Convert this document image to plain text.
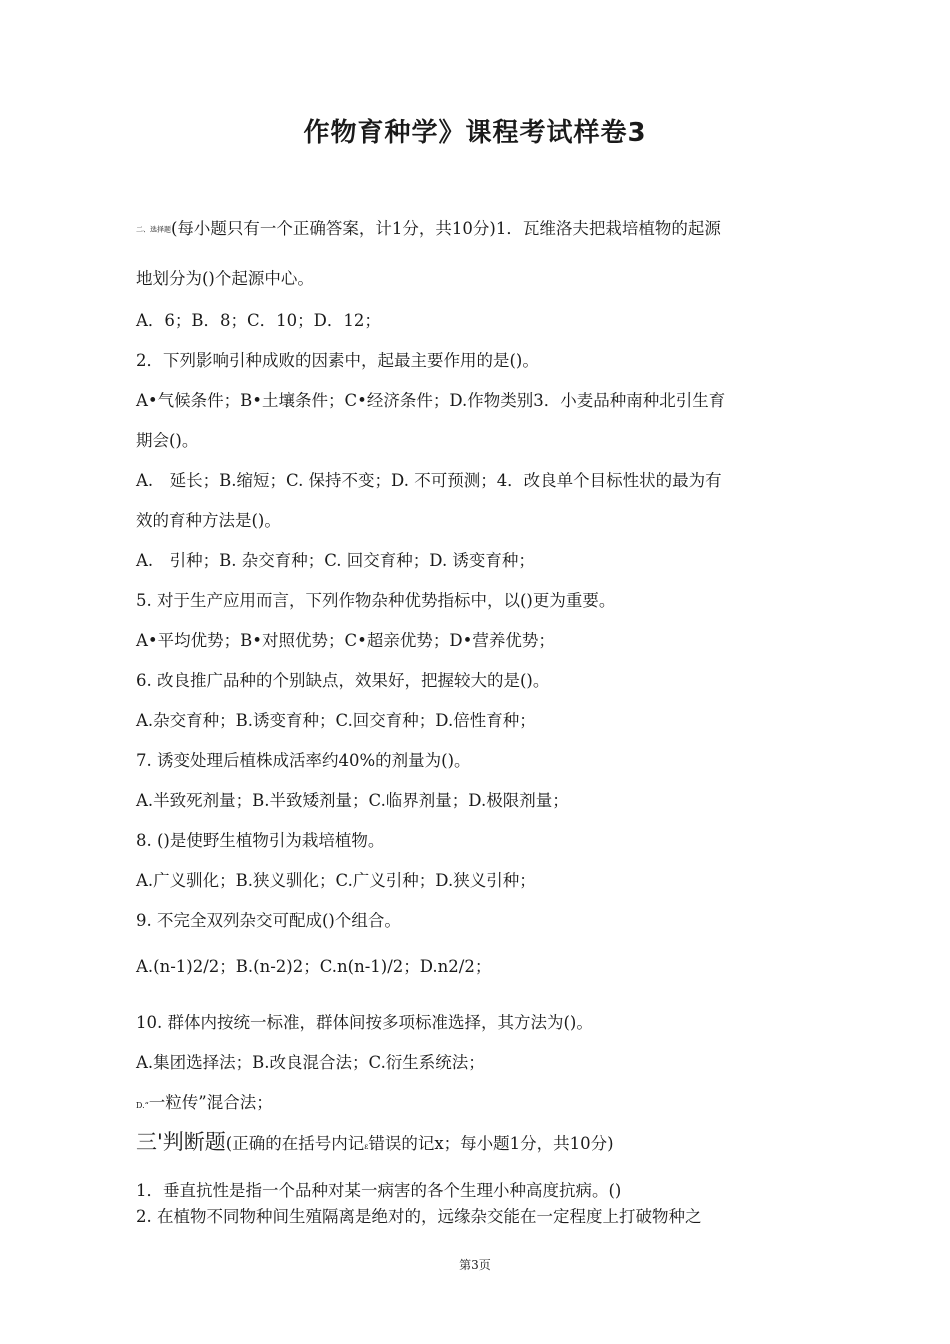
作物育种学》课程考试样卷3
二、选择题(每小题只有一个正确答案，计1分，共10分)1．瓦维洛夫把栽培植物的起源
地划分为()个起源中心。
A．6；B．8；C．10；D．12；
2．下列影响引种成败的因素中，起最主要作用的是()。
A•气候条件；B•土壤条件；C•经济条件；D.作物类别3．小麦品种南种北引生育
期会()。
A.　延长；B.缩短；C. 保持不变；D. 不可预测；4．改良单个目标性状的最为有
效的育种方法是()。
A.　引种；B. 杂交育种；C. 回交育种；D. 诱变育种；
5. 对于生产应用而言，下列作物杂种优势指标中，以()更为重要。
A•平均优势；B•对照优势；C•超亲优势；D•营养优势；
6. 改良推广品种的个别缺点，效果好，把握较大的是()。
A.杂交育种；B.诱变育种；C.回交育种；D.倍性育种；
7. 诱变处理后植株成活率约40%的剂量为()。
A.半致死剂量；B.半致矮剂量；C.临界剂量；D.极限剂量；
8. ()是使野生植物引为栽培植物。
A.广义驯化；B.狭义驯化；C.广义引种；D.狭义引种；
9. 不完全双列杂交可配成()个组合。
A.(n-1)2/2；B.(n-2)2；C.n(n-1)/2；D.n2/2；
10. 群体内按统一标准，群体间按多项标准选择，其方法为()。
A.集团选择法；B.改良混合法；C.衍生系统法；
D.“一粒传”混合法；
三'判断题(正确的在括号内记ε错误的记x；每小题1分，共10分)
1．垂直抗性是指一个品种对某一病害的各个生理小种高度抗病。()
2. 在植物不同物种间生殖隔离是绝对的，远缘杂交能在一定程度上打破物种之
第3页
